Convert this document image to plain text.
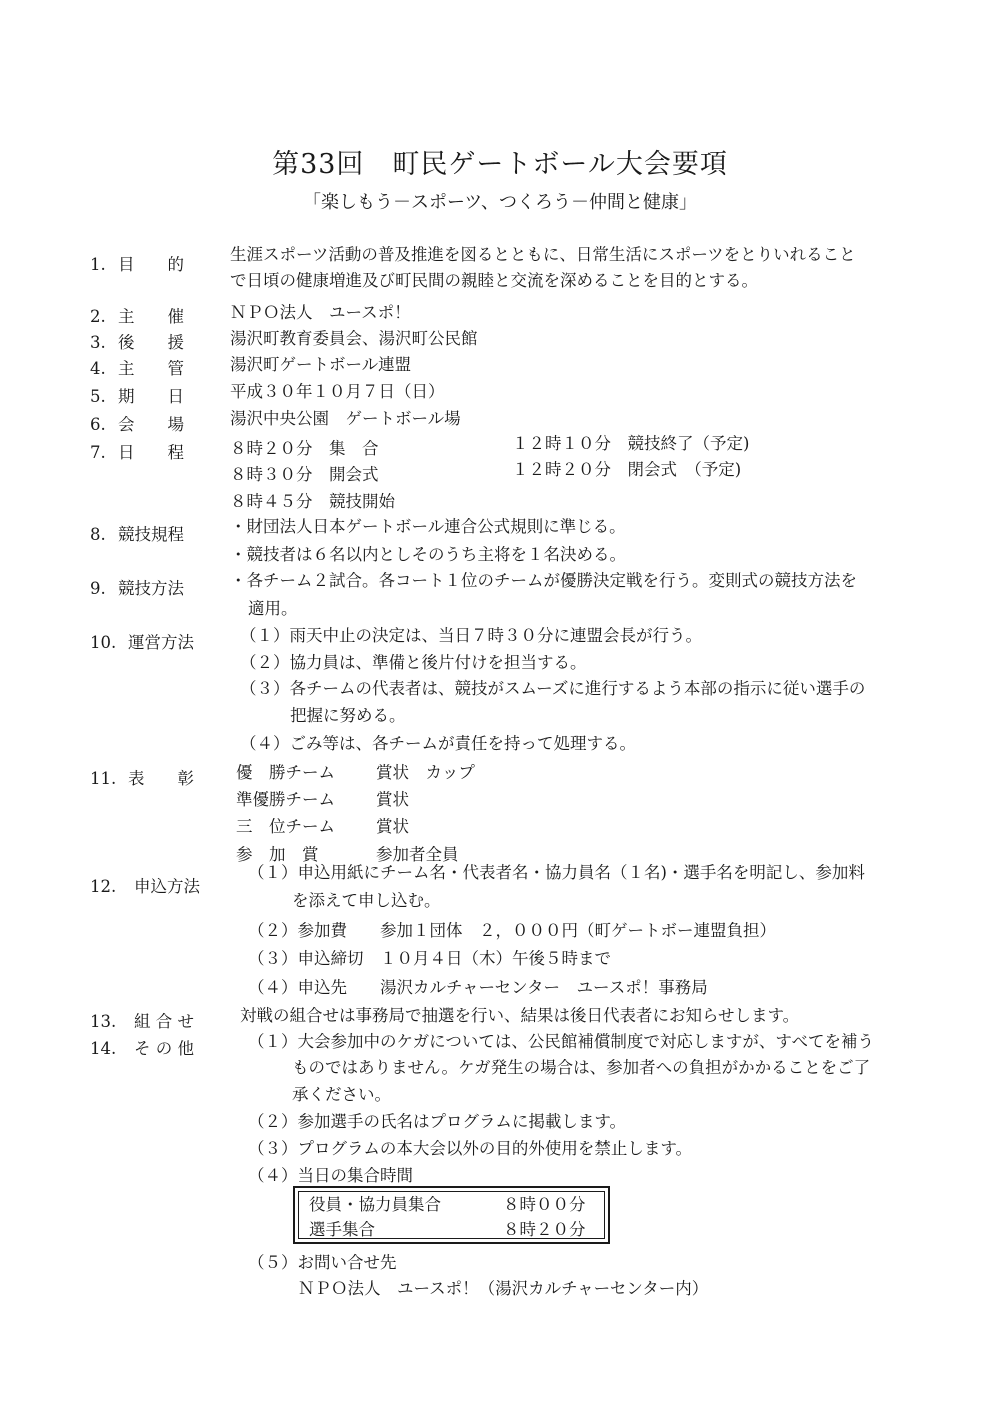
第33回　町民ゲートボール大会要項
「楽しもう－スポーツ、つくろう－仲間と健康」
1. 目　　的
生涯スポーツ活動の普及推進を図るとともに、日常生活にスポーツをとりいれること
で日頃の健康増進及び町民間の親睦と交流を深めることを目的とする。
2. 主　　催	ＮＰＯ法人　ユースポ！
3. 後　　援	湯沢町教育委員会、湯沢町公民館
4. 主　　管	湯沢町ゲートボール連盟
5. 期　　日	平成３０年１０月７日（日）
6. 会　　場	湯沢中央公園　ゲートボール場
7. 日　　程	８時２０分　集　合
８時３０分　開会式
８時４５分　競技開始
１２時１０分　競技終了（予定)
１２時２０分　閉会式　（予定)
8. 競技規程	・財団法人日本ゲートボール連合公式規則に準じる。
・競技者は６名以内としそのうち主将を１名決める。
9. 競技方法	・各チーム２試合。各コート１位のチームが優勝決定戦を行う。変則式の競技方法を
適用。
10. 運営方法	（１）雨天中止の決定は、当日７時３０分に連盟会長が行う。
（２）協力員は、準備と後片付けを担当する。
（３）各チームの代表者は、競技がスムーズに進行するよう本部の指示に従い選手の
把握に努める。
（４）ごみ等は、各チームが責任を持って処理する。
11. 表　　彰	優　勝チーム 賞状　カップ
準優勝チーム 賞状
三　位チーム 賞状
参　加　賞	参加者全員
12. 申込方法
（１）申込用紙にチーム名・代表者名・協力員名（１名)・選手名を明記し、参加料
を添えて申し込む。
（２）参加費　　参加１団体　２，０００円（町ゲートボー連盟負担）
（３）申込締切　１０月４日（木）午後５時まで
（４）申込先　　湯沢カルチャーセンター　ユースポ！事務局
13. 組 合 せ	対戦の組合せは事務局で抽選を行い、結果は後日代表者にお知らせします。
14. そ の 他	（１）大会参加中のケガについては、公民館補償制度で対応しますが、すべてを補う
ものではありません。ケガ発生の場合は、参加者への負担がかかることをご了
承ください。
（２）参加選手の氏名はプログラムに掲載します。
（３）プログラムの本大会以外の目的外使用を禁止します。
（４）当日の集合時間
役員・協力員集合	８時００分
選手集合	８時２０分
（５）お問い合せ先
ＮＰＯ法人　ユースポ！（湯沢カルチャーセンター内）
